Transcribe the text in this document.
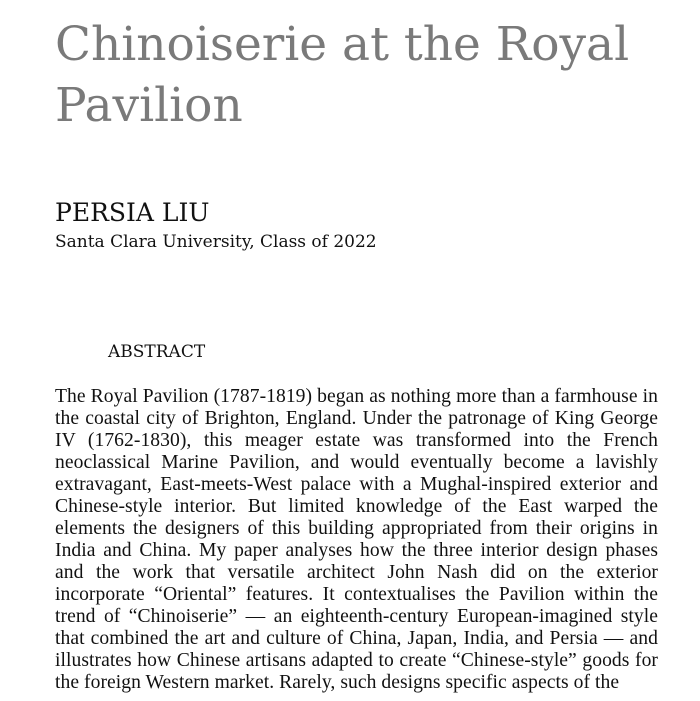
Chinoiserie at the Royal Pavilion
PERSIA LIU
Santa Clara University, Class of 2022
ABSTRACT

The Royal Pavilion (1787-1819) began as nothing more than a farmhouse in the coastal city of Brighton, England. Under the patronage of King George IV (1762-1830), this meager estate was transformed into the French neoclassical Marine Pavilion, and would eventually become a lavishly extravagant, East-meets-West palace with a Mughal-inspired exterior and Chinese-style interior. But limited knowledge of the East warped the elements the designers of this building appropriated from their origins in India and China. My paper analyses how the three interior design phases and the work that versatile architect John Nash did on the exterior incorporate “Oriental” features. It contextualises the Pavilion within the trend of “Chinoiserie” — an eighteenth-century European-imagined style that combined the art and culture of China, Japan, India, and Persia — and illustrates how Chinese artisans adapted to create “Chinese-style” goods for the foreign Western market. Rarely, such designs specific aspects of the
